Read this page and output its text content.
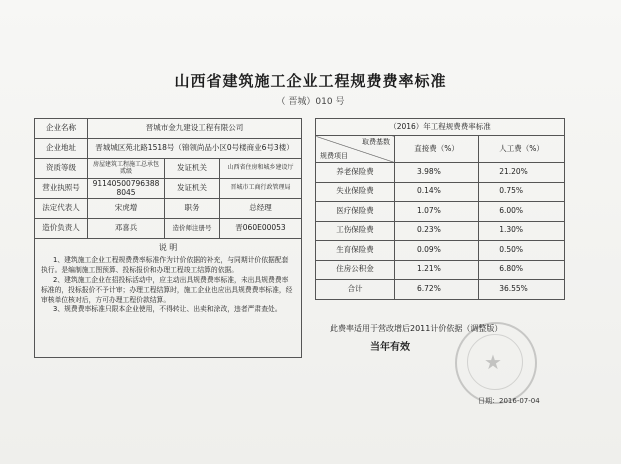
山西省建筑施工企业工程规费费率标准
（ 晋城）010 号
企业名称	晋城市金九建设工程有限公司		
企业地址	晋城城区苑北路1518号（锦领尚品小区0号楼商业6号3楼）		
资质等级	房屋建筑工程施工总承包贰级	发证机关	山西省住房和城乡建设厅
营业执照号	91140500796388 8045	发证机关	晋城市工商行政管理局
法定代表人	宋虎增	职务	总经理
造价负责人	邓喜兵	造价师注册号	晋060E00053

说 明

1、建筑施工企业工程规费费率标准作为计价依据的补充，与同期计价依据配套执行。是编制施工图预算、投标报价和办理工程竣工结算的依据。

2、建筑施工企业在招投标活动中，应主动出具规费费率标准，未出具规费费率标准的，投标报价不予计审；办理工程结算时，施工企业也应出具规费费率标准，经审核单位核对后，方可办理工程价款结算。

3、规费费率标准只限本企业使用，不得转让、出卖和涂改，违者严肃查处。			

（2016）年工程规费费率标准		

取费基数
规费项目	直接费（%）	人工费（%）
养老保险费	3.98%	21.20%
失业保险费	0.14%	0.75%
医疗保险费	1.07%	6.00%
工伤保险费	0.23%	1.30%
生育保险费	0.09%	0.50%
住房公积金	1.21%	6.80%
合计	6.72%	36.55%
★
此费率适用于营改增后2011计价依据（调整版）
当年有效
日期：2016-07-04
